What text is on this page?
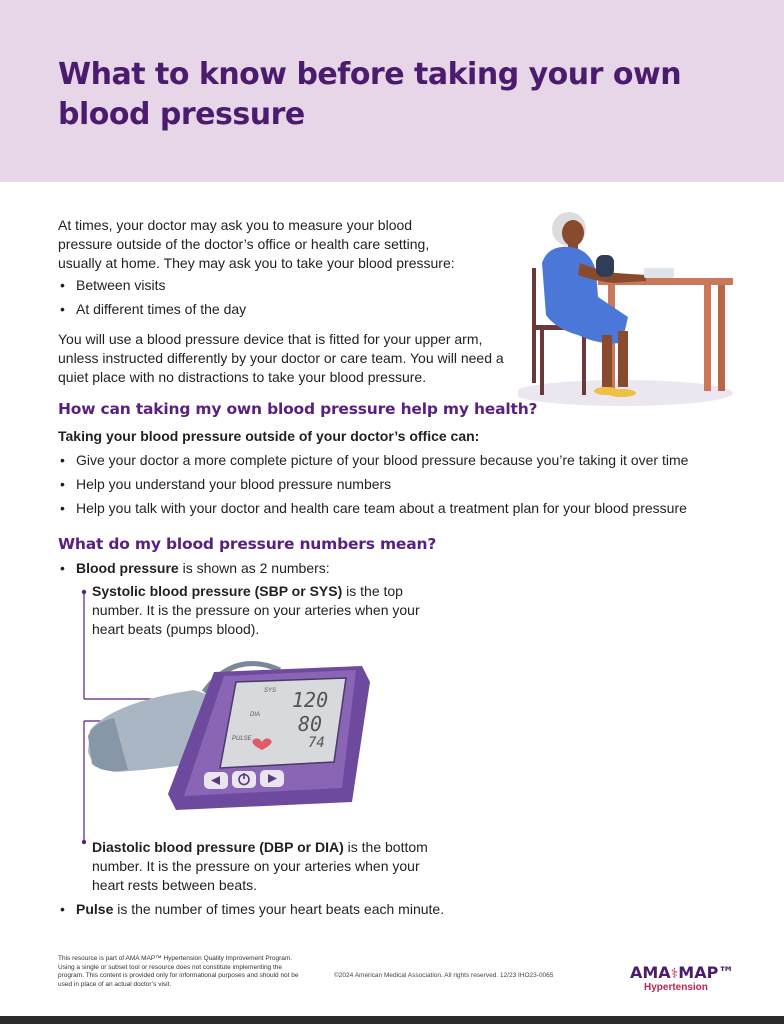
What to know before taking your own blood pressure

At times, your doctor may ask you to measure your blood pressure outside of the doctor’s office or health care setting, usually at home. They may ask you to take your blood pressure:

• Between visits
• At different times of the day

You will use a blood pressure device that is fitted for your upper arm, unless instructed differently by your doctor or care team. You will need a quiet place with no distractions to take your blood pressure.

How can taking my own blood pressure help my health?

Taking your blood pressure outside of your doctor’s office can:

• Give your doctor a more complete picture of your blood pressure because you’re taking it over time
• Help you understand your blood pressure numbers
• Help you talk with your doctor and health care team about a treatment plan for your blood pressure
What do my blood pressure numbers mean?
• Blood pressure is shown as 2 numbers:

Systolic blood pressure (SBP or SYS) is the top number. It is the pressure on your arteries when your heart beats (pumps blood).

SYS 120
DIA 80
PULSE	74

Diastolic blood pressure (DBP or DIA) is the bottom number. It is the pressure on your arteries when your heart rests between beats.

• Pulse is the number of times your heart beats each minute.

This resource is part of AMA MAP™ Hypertension Quality Improvement Program. Using a single or subset tool or resource does not constitute implementing the program. This content is provided only for informational purposes and should not be used in place of an actual doctor’s visit.

©2024 American Medical Association. All rights reserved. 12/23 IHO23-0065	AMA⚕MAP™
Hypertension
